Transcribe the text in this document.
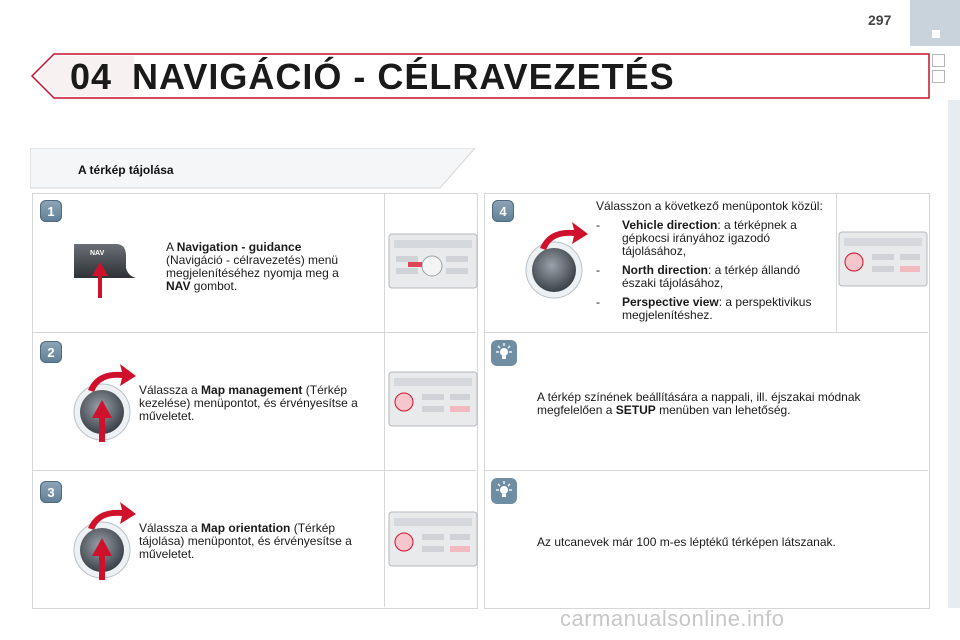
297
04 NAVIGÁCIÓ - CÉLRAVEZETÉS
A térkép tájolása
1
NAV	A Navigation - guidance
(Navigáció - célravezetés) menü megjelenítéséhez nyomja meg a
NAV gombot.
2
Válassza a Map management (Térkép kezelése) menüpontot, és érvényesítse a műveletet.
3
Válassza a Map orientation (Térkép tájolása) menüpontot, és érvényesítse a műveletet.
4	Válasszon a következő menüpontok közül:
- Vehicle direction: a térképnek a gépkocsi irányához igazodó tájolásához,
- North direction: a térkép állandó északi tájolásához,
- Perspective view: a perspektivikus megjelenítéshez.
A térkép színének beállítására a nappali, ill. éjszakai módnak megfelelően a SETUP menüben van lehetőség.
Az utcanevek már 100 m-es léptékű térképen látszanak.
carmanualsonline.info
